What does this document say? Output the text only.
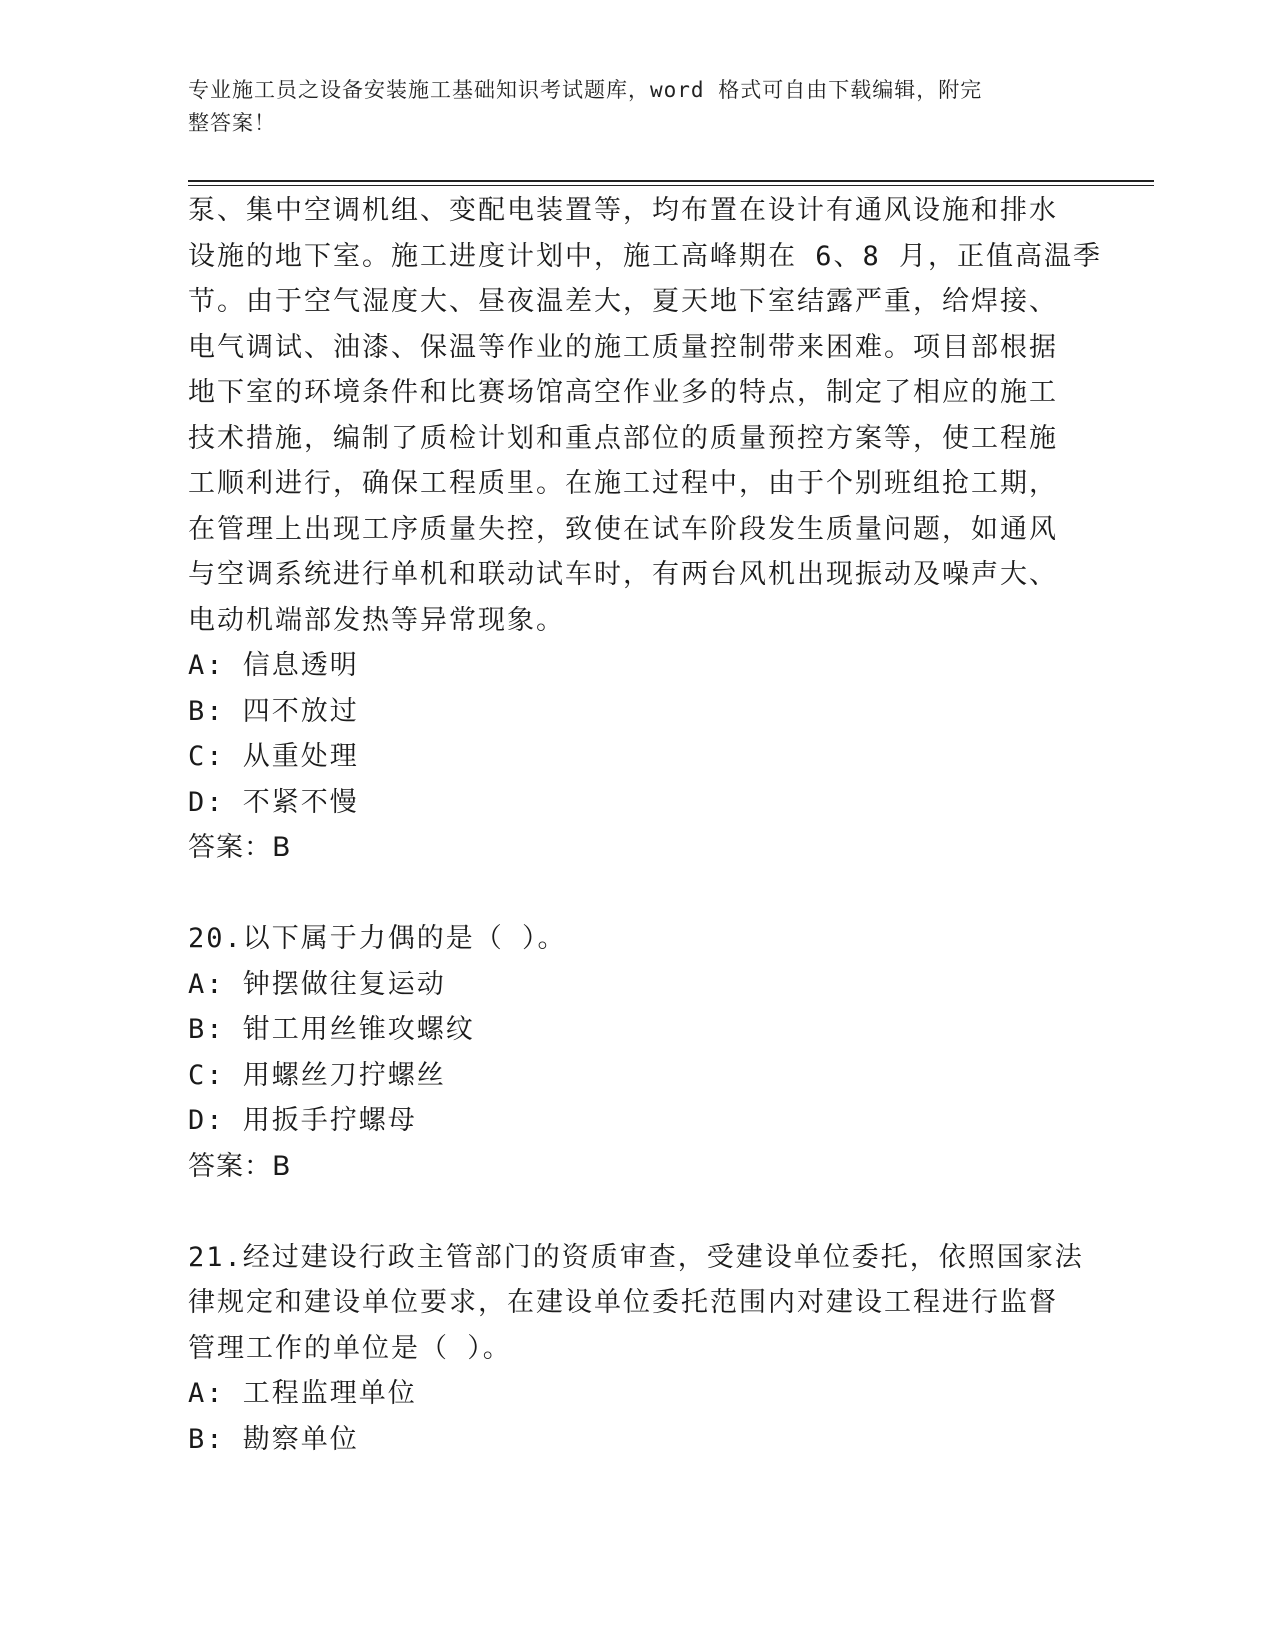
专业施工员之设备安装施工基础知识考试题库，word 格式可自由下载编辑，附完
整答案！
泵、集中空调机组、变配电装置等，均布置在设计有通风设施和排水
设施的地下室。施工进度计划中，施工高峰期在 6、8 月，正值高温季
节。由于空气湿度大、昼夜温差大，夏天地下室结露严重，给焊接、
电气调试、油漆、保温等作业的施工质量控制带来困难。项目部根据
地下室的环境条件和比赛场馆高空作业多的特点，制定了相应的施工
技术措施，编制了质检计划和重点部位的质量预控方案等，使工程施
工顺利进行，确保工程质里。在施工过程中，由于个别班组抢工期，
在管理上出现工序质量失控，致使在试车阶段发生质量问题，如通风
与空调系统进行单机和联动试车时，有两台风机出现振动及噪声大、
电动机端部发热等异常现象。
A: 信息透明
B: 四不放过
C: 从重处理
D: 不紧不慢
答案：B
20.以下属于力偶的是（ ）。
A: 钟摆做往复运动
B: 钳工用丝锥攻螺纹
C: 用螺丝刀拧螺丝
D: 用扳手拧螺母
答案：B
21.经过建设行政主管部门的资质审查，受建设单位委托，依照国家法
律规定和建设单位要求，在建设单位委托范围内对建设工程进行监督
管理工作的单位是（ ）。
A: 工程监理单位
B: 勘察单位
